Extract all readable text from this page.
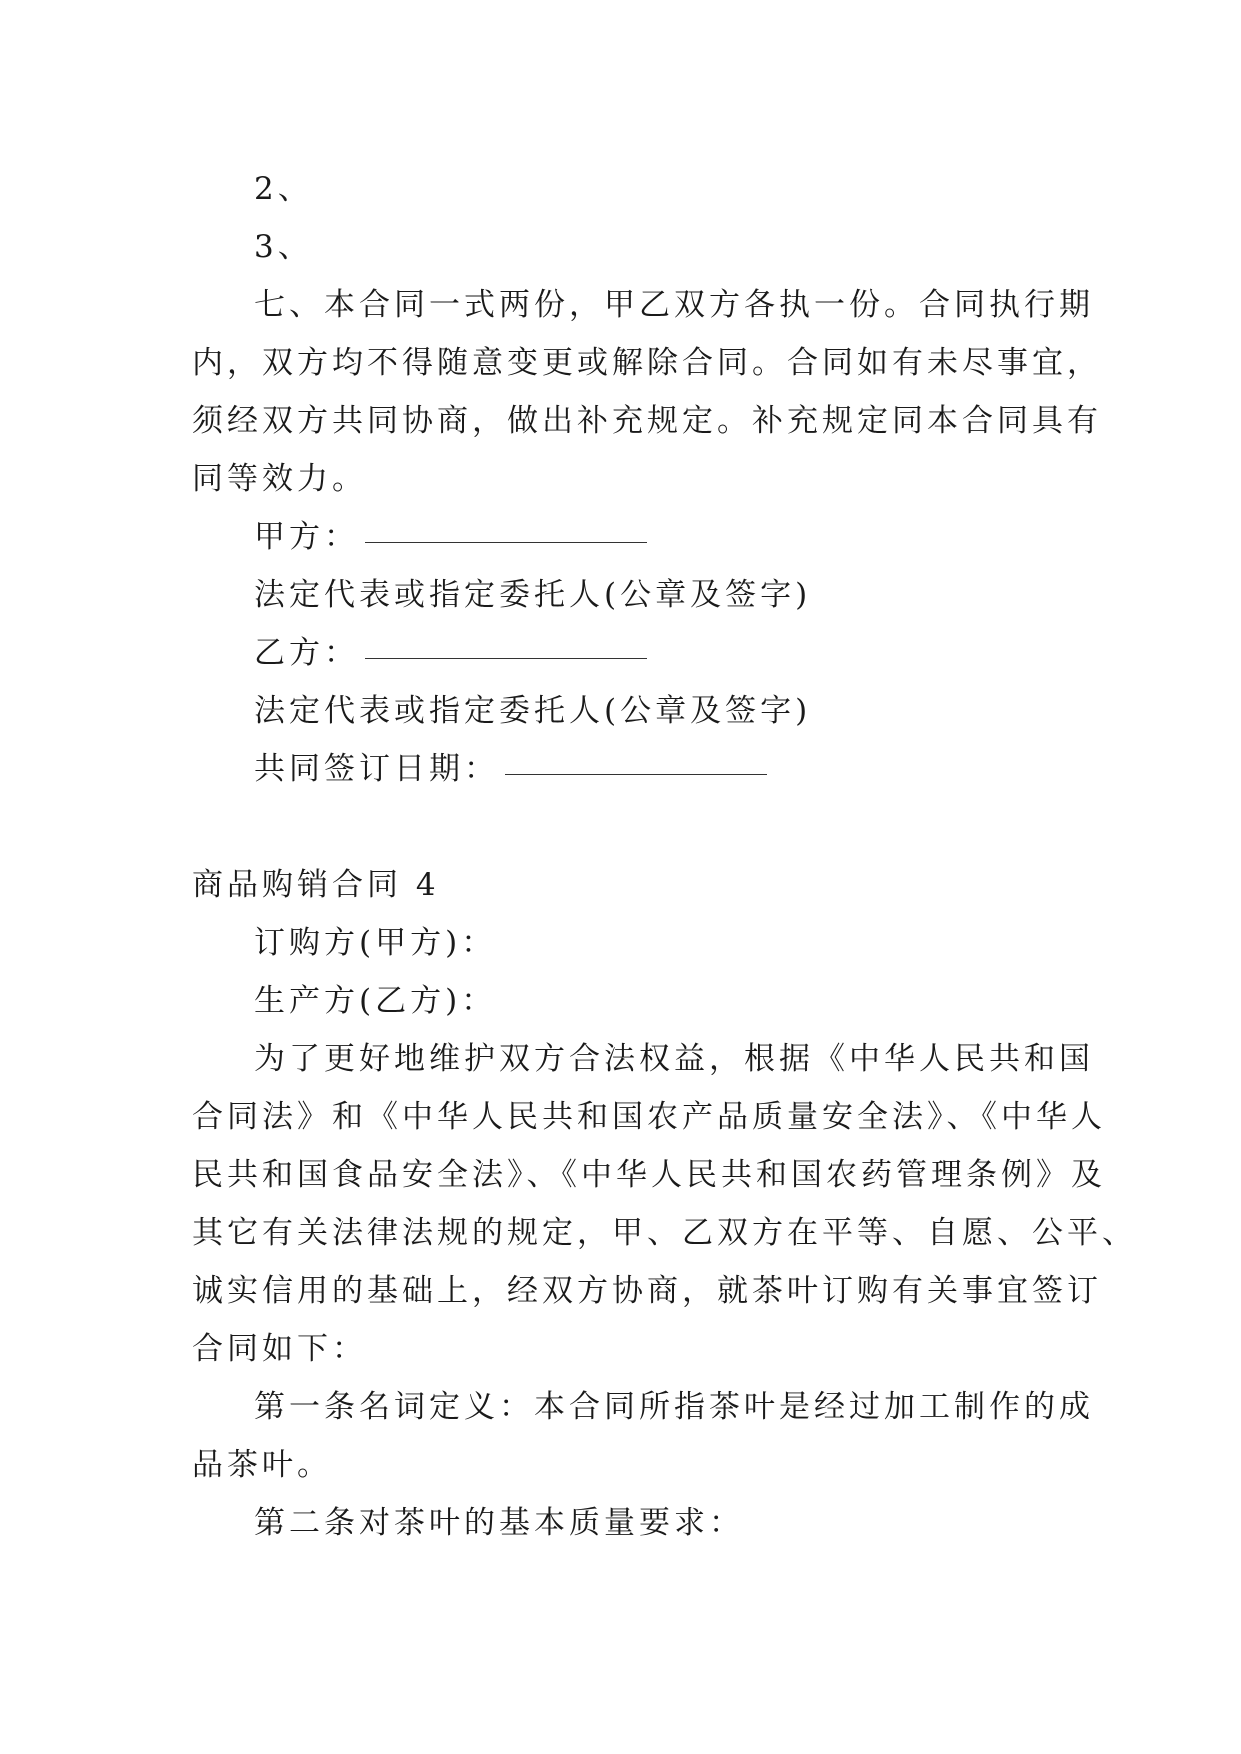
2、
3、
七、本合同一式两份，甲乙双方各执一份。合同执行期
内，双方均不得随意变更或解除合同。合同如有未尽事宜，
须经双方共同协商，做出补充规定。补充规定同本合同具有
同等效力。
甲方：
法定代表或指定委托人(公章及签字)
乙方：
法定代表或指定委托人(公章及签字)
共同签订日期：
商品购销合同 4
订购方(甲方)：
生产方(乙方)：
为了更好地维护双方合法权益，根据《中华人民共和国
合同法》和《中华人民共和国农产品质量安全法》、《中华人
民共和国食品安全法》、《中华人民共和国农药管理条例》及
其它有关法律法规的规定，甲、乙双方在平等、自愿、公平、
诚实信用的基础上，经双方协商，就茶叶订购有关事宜签订
合同如下：
第一条名词定义：本合同所指茶叶是经过加工制作的成
品茶叶。
第二条对茶叶的基本质量要求：
